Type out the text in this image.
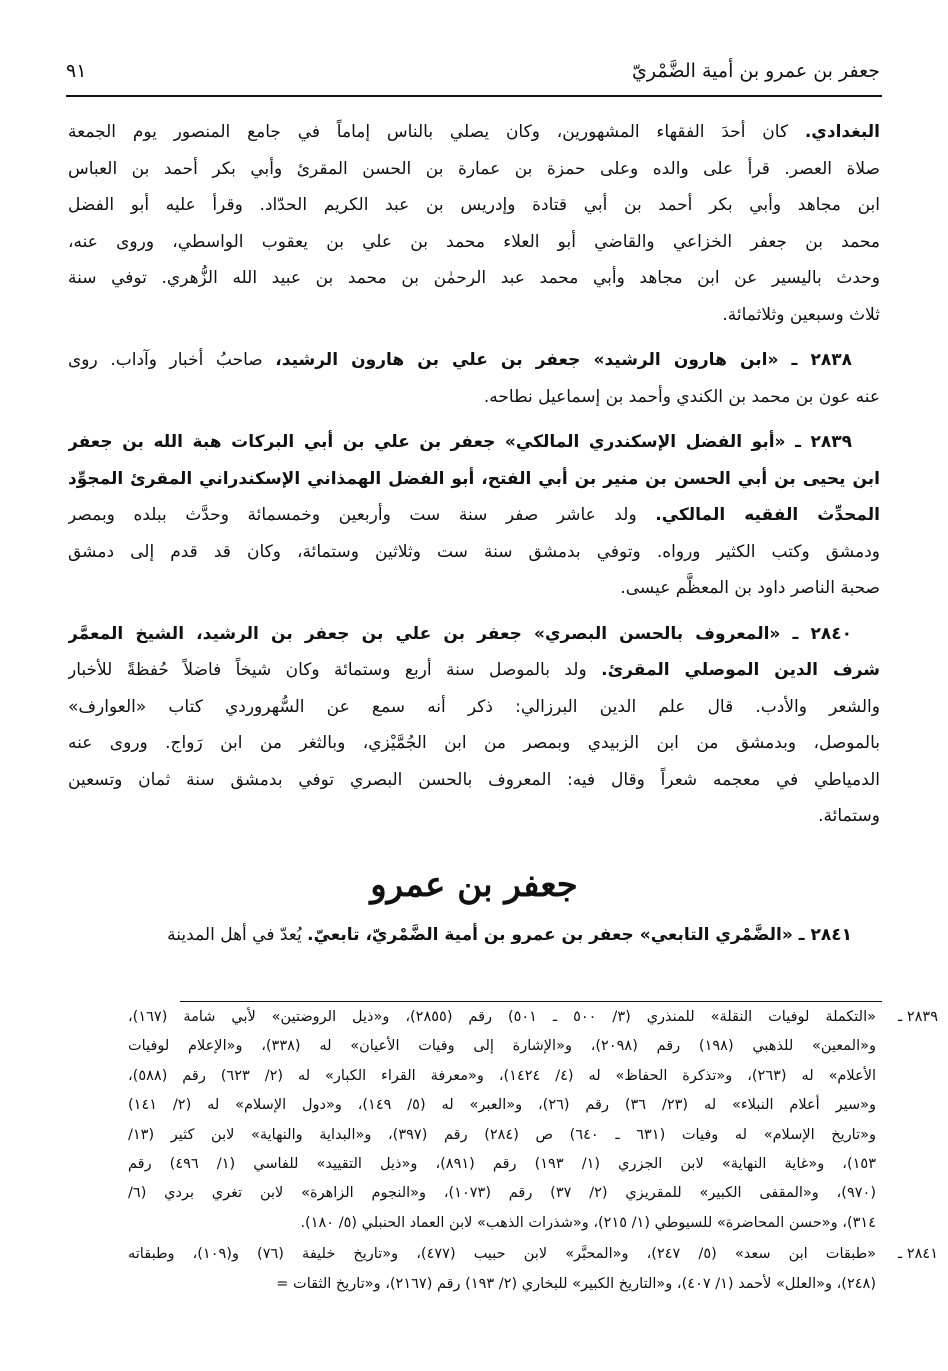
جعفر بن عمرو بن أمية الضَّمْريّ
٩١
البغدادي. كان أحدَ الفقهاء المشهورين، وكان يصلي بالناس إماماً في جامع المنصور يوم الجمعة
صلاة العصر. قرأ على والده وعلى حمزة بن عمارة بن الحسن المقرئ وأبي بكر أحمد بن العباس
ابن مجاهد وأبي بكر أحمد بن أبي قتادة وإدريس بن عبد الكريم الحدّاد. وقرأ عليه أبو الفضل
محمد بن جعفر الخزاعي والقاضي أبو العلاء محمد بن علي بن يعقوب الواسطي، وروى عنه،
وحدث باليسير عن ابن مجاهد وأبي محمد عبد الرحمٰن بن محمد بن عبيد الله الزُّهري. توفي سنة
ثلاث وسبعين وثلاثمائة.
٢٨٣٨ ـ «ابن هارون الرشيد» جعفر بن علي بن هارون الرشيد، صاحبُ أخبار وآداب. روى
عنه عون بن محمد بن الكندي وأحمد بن إسماعيل نطاحه.
٢٨٣٩ ـ «أبو الفضل الإسكندري المالكي» جعفر بن علي بن أبي البركات هبة الله بن جعفر
ابن يحيى بن أبي الحسن بن منير بن أبي الفتح، أبو الفضل الهمذاني الإسكندراني المقرئ المجوِّد
المحدِّث الفقيه المالكي. ولد عاشر صفر سنة ست وأربعين وخمسمائة وحدَّث ببلده وبمصر
ودمشق وكتب الكثير ورواه. وتوفي بدمشق سنة ست وثلاثين وستمائة، وكان قد قدم إلى دمشق
صحبة الناصر داود بن المعظَّم عيسى.
٢٨٤٠ ـ «المعروف بالحسن البصري» جعفر بن علي بن جعفر بن الرشيد، الشيخ المعمَّر
شرف الدين الموصلي المقرئ. ولد بالموصل سنة أربع وستمائة وكان شيخاً فاضلاً حُفظةً للأخبار
والشعر والأدب. قال علم الدين البرزالي: ذكر أنه سمع عن السُّهروردي كتاب «العوارف»
بالموصل، وبدمشق من ابن الزبيدي وبمصر من ابن الجُمَّيْزي، وبالثغر من ابن رَواج. وروى عنه
الدمياطي في معجمه شعراً وقال فيه: المعروف بالحسن البصري توفي بدمشق سنة ثمان وتسعين
وستمائة.
جعفر بن عمرو
٢٨٤١ ـ «الضَّمْري التابعي» جعفر بن عمرو بن أمية الضَّمْريّ، تابعيّ. يُعدّ في أهل المدينة
٢٨٣٩ ـ
«التكملة لوفيات النقلة» للمنذري (٣/ ٥٠٠ ـ ٥٠١) رقم (٢٨٥٥)، و«ذيل الروضتين» لأبي شامة (١٦٧)،
و«المعين» للذهبي (١٩٨) رقم (٢٠٩٨)، و«الإشارة إلى وفيات الأعيان» له (٣٣٨)، و«الإعلام لوفيات
الأعلام» له (٢٦٣)، و«تذكرة الحفاظ» له (٤/ ١٤٢٤)، و«معرفة القراء الكبار» له (٢/ ٦٢٣) رقم (٥٨٨)،
و«سير أعلام النبلاء» له (٢٣/ ٣٦) رقم (٢٦)، و«العبر» له (٥/ ١٤٩)، و«دول الإسلام» له (٢/ ١٤١)
و«تاريخ الإسلام» له وفيات (٦٣١ ـ ٦٤٠) ص (٢٨٤) رقم (٣٩٧)، و«البداية والنهاية» لابن كثير (١٣/
١٥٣)، و«غاية النهاية» لابن الجزري (١/ ١٩٣) رقم (٨٩١)، و«ذيل التقييد» للفاسي (١/ ٤٩٦) رقم
(٩٧٠)، و«المقفى الكبير» للمقريزي (٢/ ٣٧) رقم (١٠٧٣)، و«النجوم الزاهرة» لابن تغري بردي (٦/
٣١٤)، و«حسن المحاضرة» للسيوطي (١/ ٢١٥)، و«شذرات الذهب» لابن العماد الحنبلي (٥/ ١٨٠).
٢٨٤١ ـ
«طبقات ابن سعد» (٥/ ٢٤٧)، و«المحبَّر» لابن حبيب (٤٧٧)، و«تاريخ خليفة (٧٦) و(١٠٩)، وطبقاته
(٢٤٨)، و«العلل» لأحمد (١/ ٤٠٧)، و«التاريخ الكبير» للبخاري (٢/ ١٩٣) رقم (٢١٦٧)، و«تاريخ الثقات =
